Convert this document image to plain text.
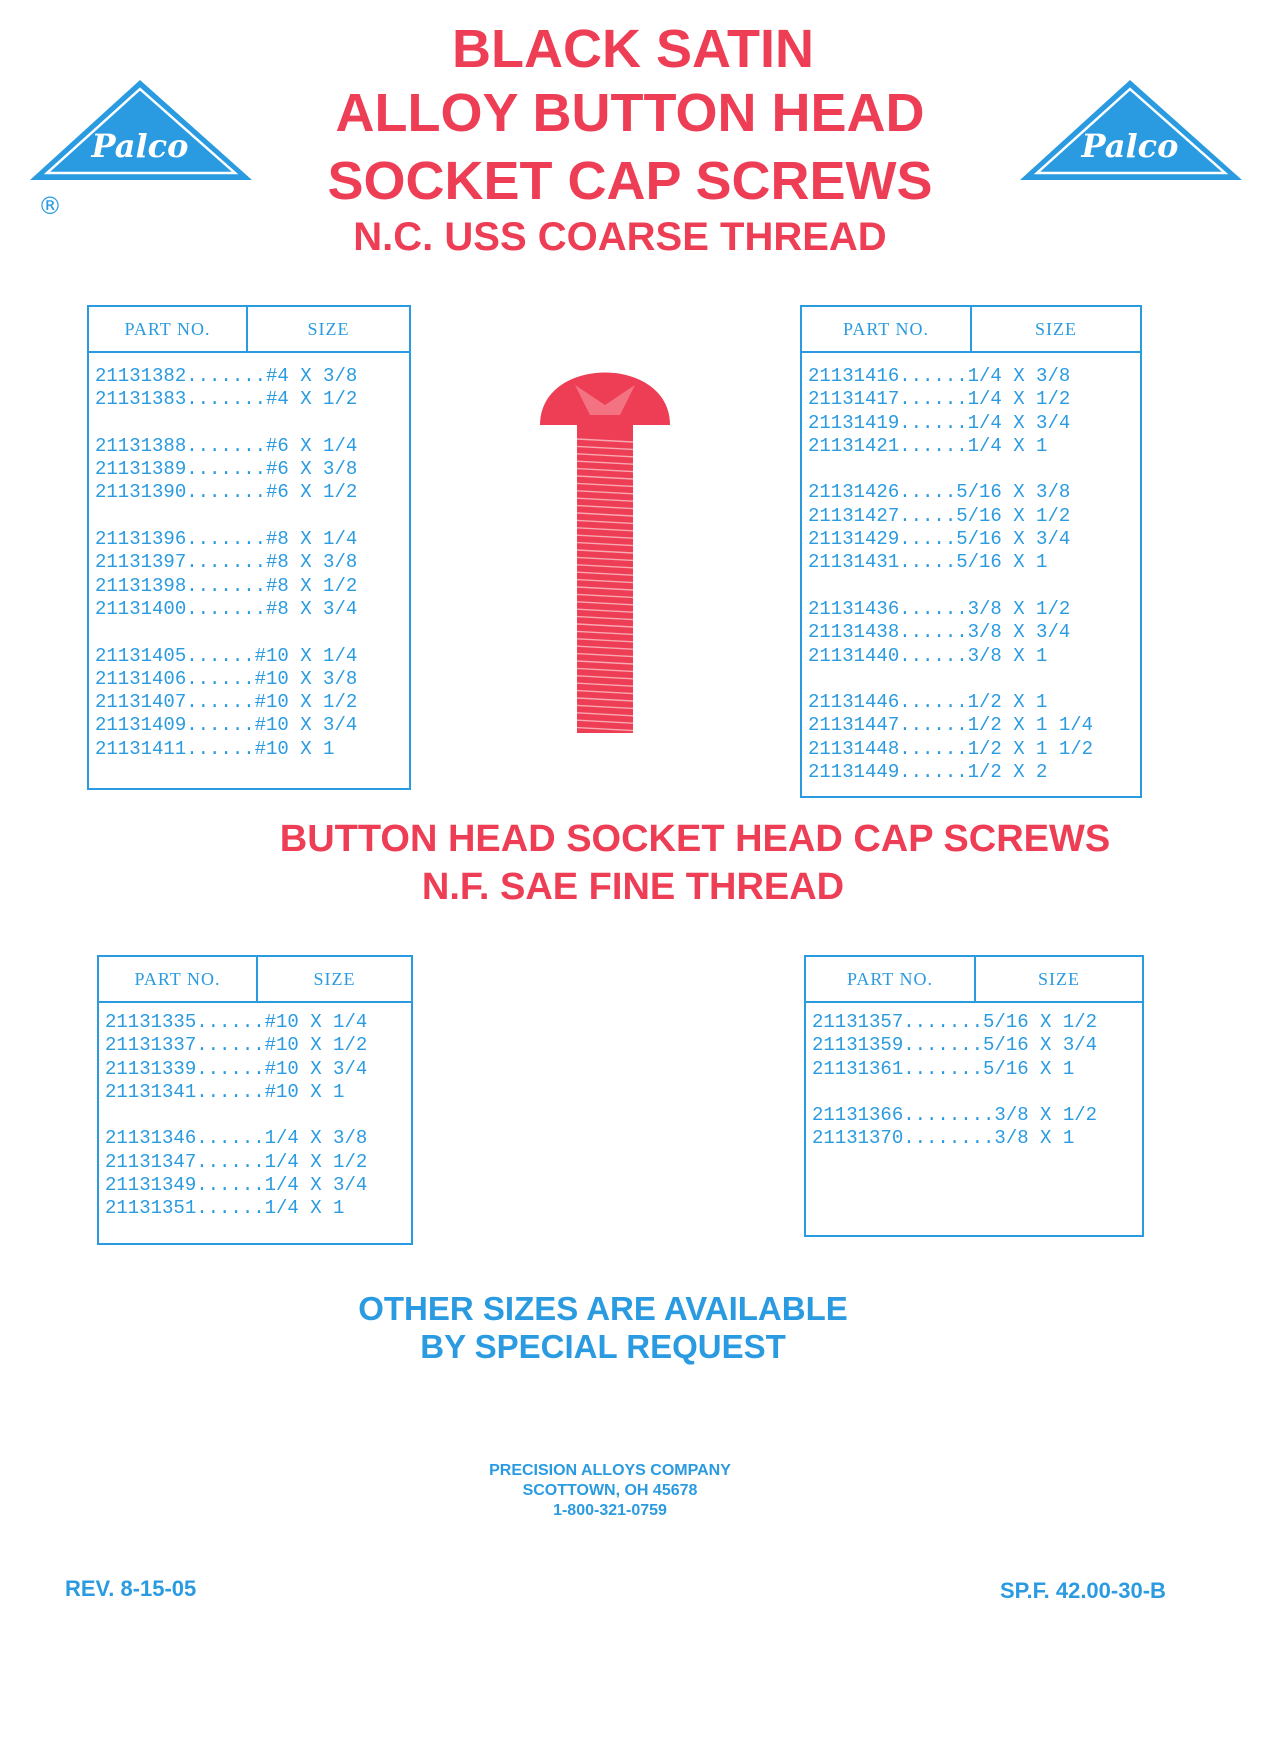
Palco
®
Palco
BLACK SATIN
ALLOY BUTTON HEAD
SOCKET CAP SCREWS
N.C. USS COARSE THREAD
PART NO.	SIZE
21131382.......#4 X 3/8
21131383.......#4 X 1/2
21131388.......#6 X 1/4
21131389.......#6 X 3/8
21131390.......#6 X 1/2
21131396.......#8 X 1/4
21131397.......#8 X 3/8
21131398.......#8 X 1/2
21131400.......#8 X 3/4
21131405......#10 X 1/4
21131406......#10 X 3/8
21131407......#10 X 1/2
21131409......#10 X 3/4
21131411......#10 X 1
PART NO.	SIZE
21131416......1/4 X 3/8
21131417......1/4 X 1/2
21131419......1/4 X 3/4
21131421......1/4 X 1
21131426.....5/16 X 3/8
21131427.....5/16 X 1/2
21131429.....5/16 X 3/4
21131431.....5/16 X 1
21131436......3/8 X 1/2
21131438......3/8 X 3/4
21131440......3/8 X 1
21131446......1/2 X 1
21131447......1/2 X 1 1/4
21131448......1/2 X 1 1/2
21131449......1/2 X 2
BUTTON HEAD SOCKET HEAD CAP SCREWS
N.F. SAE FINE THREAD
PART NO.	SIZE
21131335......#10 X 1/4
21131337......#10 X 1/2
21131339......#10 X 3/4
21131341......#10 X 1
21131346......1/4 X 3/8
21131347......1/4 X 1/2
21131349......1/4 X 3/4
21131351......1/4 X 1
PART NO.	SIZE
21131357.......5/16 X 1/2
21131359.......5/16 X 3/4
21131361.......5/16 X 1
21131366........3/8 X 1/2
21131370........3/8 X 1
OTHER SIZES ARE AVAILABLE
BY SPECIAL REQUEST
PRECISION ALLOYS COMPANY
SCOTTOWN, OH 45678
1-800-321-0759
REV. 8-15-05	SP.F. 42.00-30-B
